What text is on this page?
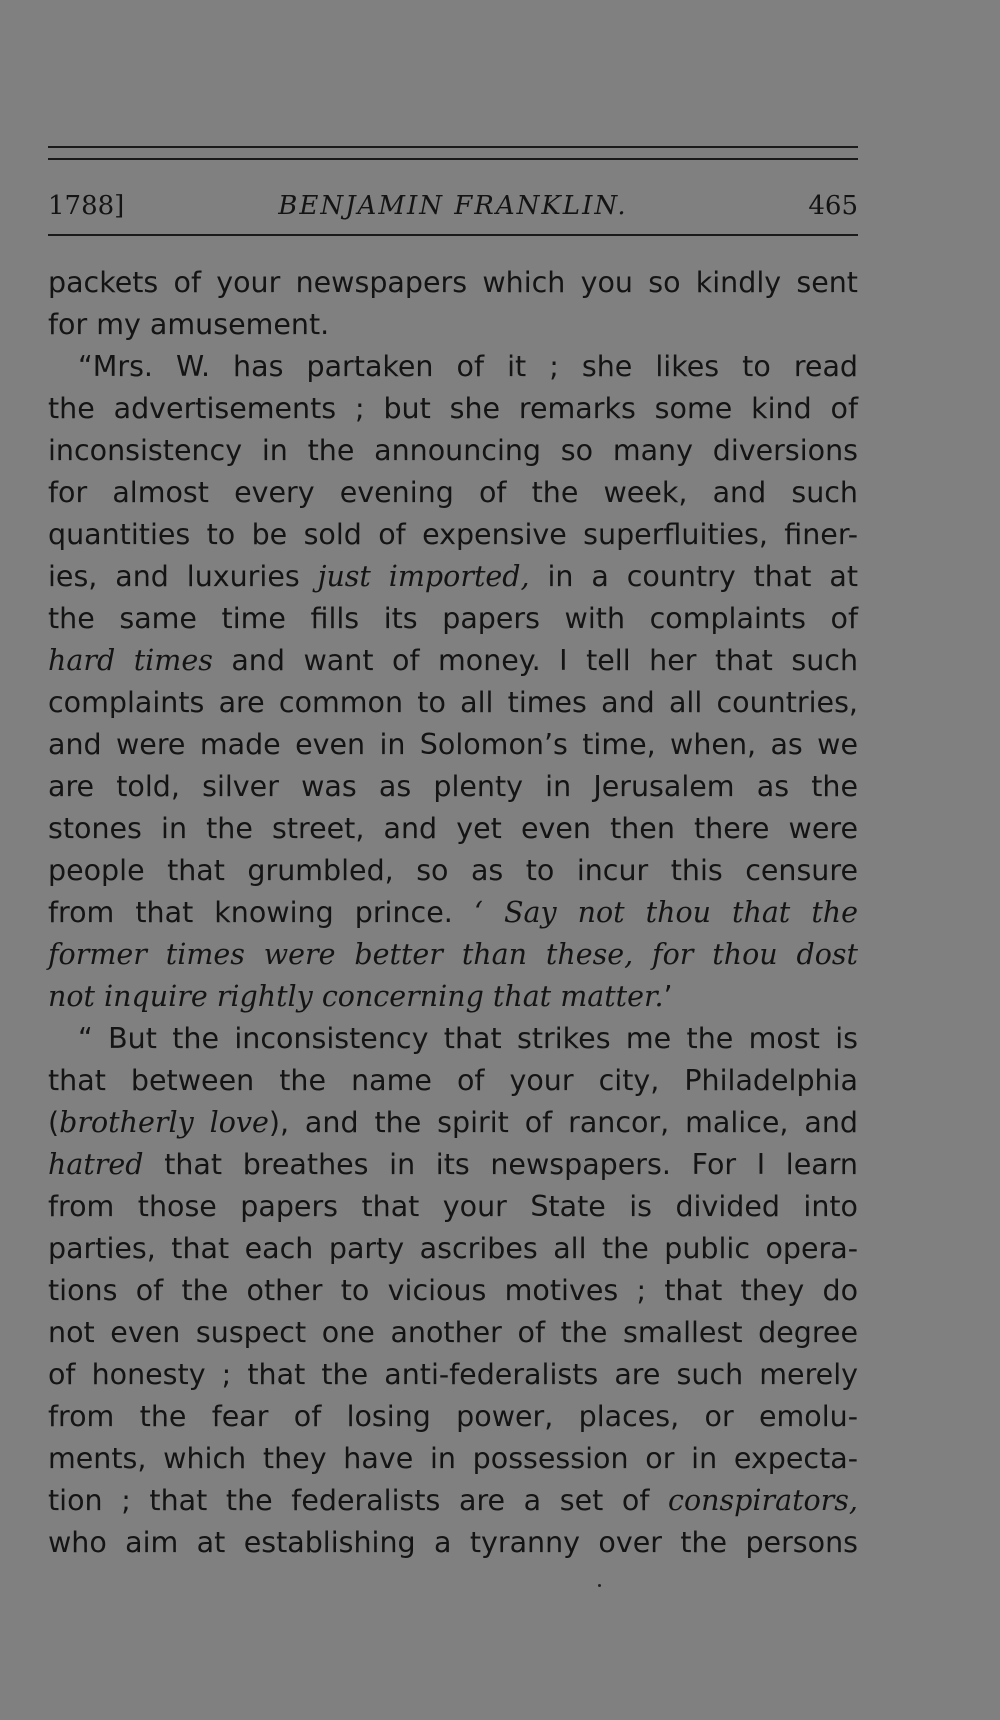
1788]	BENJAMIN FRANKLIN.	465
packets of your newspapers which you so kindly sent
for my amusement.
“Mrs. W. has partaken of it ; she likes to read
the advertisements ; but she remarks some kind of
inconsistency in the announcing so many diversions
for almost every evening of the week, and such
quantities to be sold of expensive superfluities, finer-
ies, and luxuries just imported, in a country that at
the same time fills its papers with complaints of
hard times and want of money. I tell her that such
complaints are common to all times and all countries,
and were made even in Solomon’s time, when, as we
are told, silver was as plenty in Jerusalem as the
stones in the street, and yet even then there were
people that grumbled, so as to incur this censure
from that knowing prince. ‘ Say not thou that the
former times were better than these, for thou dost
not inquire rightly concerning that matter.’
“ But the inconsistency that strikes me the most is
that between the name of your city, Philadelphia
(brotherly love), and the spirit of rancor, malice, and
hatred that breathes in its newspapers. For I learn
from those papers that your State is divided into
parties, that each party ascribes all the public opera-
tions of the other to vicious motives ; that they do
not even suspect one another of the smallest degree
of honesty ; that the anti-federalists are such merely
from the fear of losing power, places, or emolu-
ments, which they have in possession or in expecta-
tion ; that the federalists are a set of conspirators,
who aim at establishing a tyranny over the persons
